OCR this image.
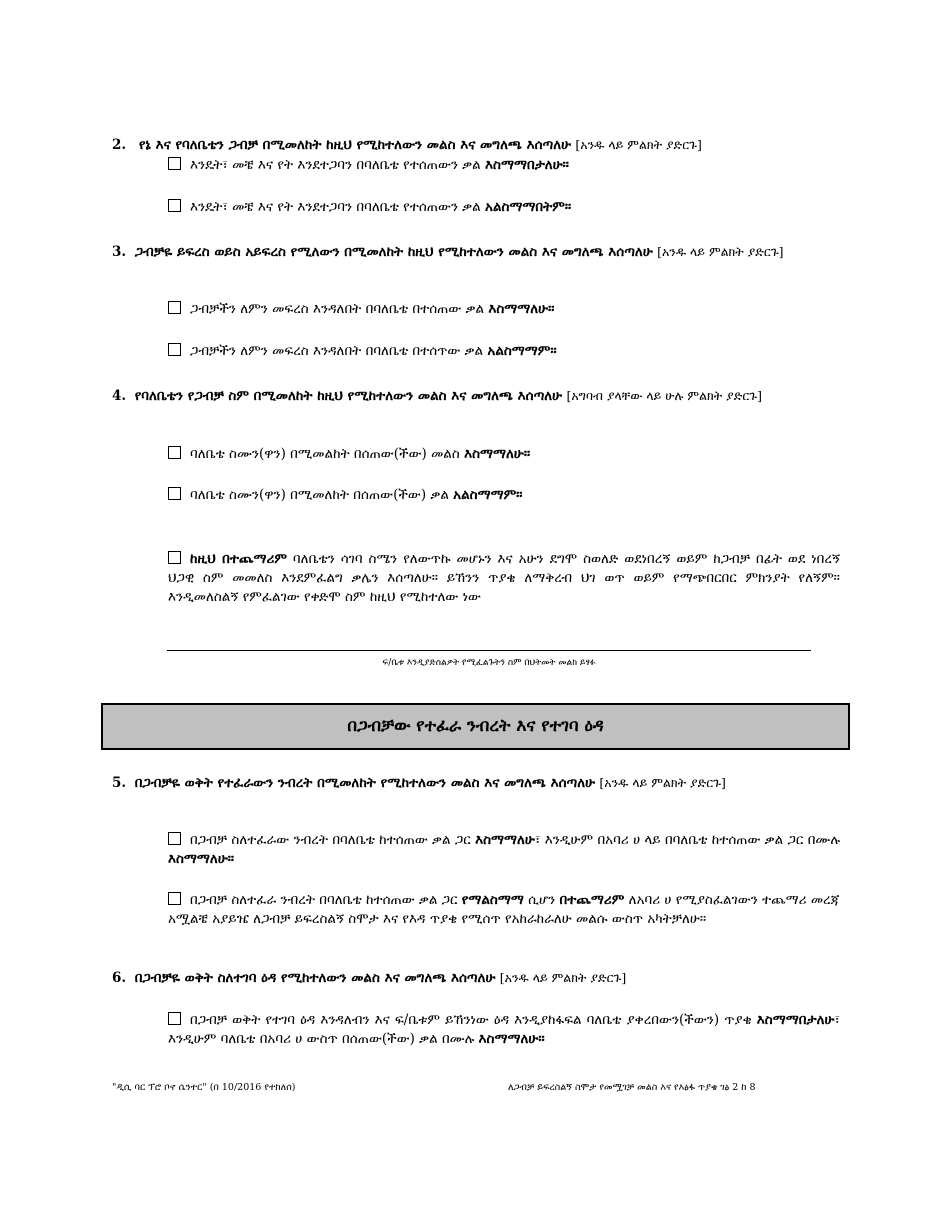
2. የኔ እና የባለቤቴን ጋብቻ በሚመለከት ከዚህ የሚከተለውን መልስ እና መግለጫ እሰጣለሁ [አንዱ ላይ ምልክት ያድርጉ]
እንዴት፣ መቼ እና የት እንደተጋባን በባለቤቴ የተሰጠውን ቃል እስማማበታለሁ።
እንዴት፣ መቼ እና የት እንደተጋባን በባለቤቴ የተሰጠውን ቃል አልስማማበትም።
3. ጋብቻዬ ይፍረስ ወይስ አይፍረስ የሚለውን በሚመለከት ከዚህ የሚከተለውን መልስ እና መግለጫ እሰጣለሁ [አንዱ ላይ ምልክት ያድርጉ]
ጋብቻችን ለምን መፍረስ እንዳለበት በባለቤቴ በተሰጠው ቃል እስማማለሁ።
ጋብቻችን ለምን መፍረስ እንዳለበት በባለቤቴ በተሰጥው ቃል አልስማማም።
4. የባለቤቴን የጋብቻ ስም በሚመለከት ከዚህ የሚከተለውን መልስ እና መግለጫ እሰጣለሁ [አግባብ ያላቸው ላይ ሁሉ ምልክት ያድርጉ]
ባለቤቴ ስሙን(ዋን) በሚመልከት በሰጠው(ችው) መልስ እስማማለሁ።
ባለቤቴ ስሙን(ዋን) በሚመለከት በሰጠው(ችው) ቃል አልስማማም።
ከዚህ በተጨማሪም ባለቤቴን ሳገባ ስሜን የለውጥኩ መሆኑን እና አሁን ደግሞ ስወለድ ወደነበረኝ ወይም ከጋብቻ በፊት ወደ ነበረኝ ህጋዊ ስም መመለስ እንደምፈልግ ቃሌን እሰጣለሁ። ይኸንን ጥያቄ ለማቅረብ ህገ ወጥ ወይም የማጭበርበር ምክንያት የለኝም። እንዲመለስልኝ የምፈልገው የቀድሞ ስም ከዚህ የሚከተለው ነው
ፍ/ቤቱ እንዲያድስልዎት የሚፈልጉትን ስም በህትመት መልክ ይፃፉ
በጋብቻው የተፈራ ንብረት እና የተገባ ዕዳ
5. በጋብቻዬ ወቅት የተፈራውን ንብረት በሚመለከት የሚከተለውን መልስ እና መግለጫ እሰጣለሁ [አንዱ ላይ ምልክት ያድርጉ]
በጋብቻ ስለተፈራው ንብረት በባለቤቴ ከተሰጠው ቃል ጋር እስማማለሁ፣ እንዲሁም በአባሪ ሀ ላይ በባለቤቴ ከተሰጠው ቃል ጋር በሙሉ እስማማለሁ።
በጋብቻ ስለተፈራ ንብረት በባለቤቴ ከተሰጠው ቃል ጋር የማልስማማ ሲሆን በተጨማሪም ለአባሪ ሀ የሚያስፈልገውን ተጨማሪ መረጃ አሟልቼ አያይዤ ለጋብቻ ይፍረስልኝ ስሞታ እና የእዳ ጥያቄ የሚሰጥ የአከራከራለሁ መልሱ ውስጥ አካትቻለሁ።
6. በጋብቻዬ ወቅት ስለተገባ ዕዳ የሚከተለውን መልስ እና መግለጫ እሰጣለሁ [አንዱ ላይ ምልክት ያድርጉ]
በጋብቻ ወቅት የተገባ ዕዳ እንዳለብን እና ፍ/ቤቱም ይኸንነው ዕዳ እንዲያከፋፍል ባለቤቴ ያቀረበውን(ችውን) ጥያቄ እስማማበታለሁ፣ እንዲሁም ባለቤቴ በአባሪ ሀ ውስጥ በሰጠው(ችው) ቃል በሙሉ እስማማለሁ።
"ዲሲ ባር ፕሮ ቦኖ ሴንተር" (በ 10/2016 የተከለሰ)	ለጋብቻ ይፍረስልኝ ስሞታ የመሟገቻ መልስ እና የእፅፋ ጥያቄ ገፅ 2 ከ 8
